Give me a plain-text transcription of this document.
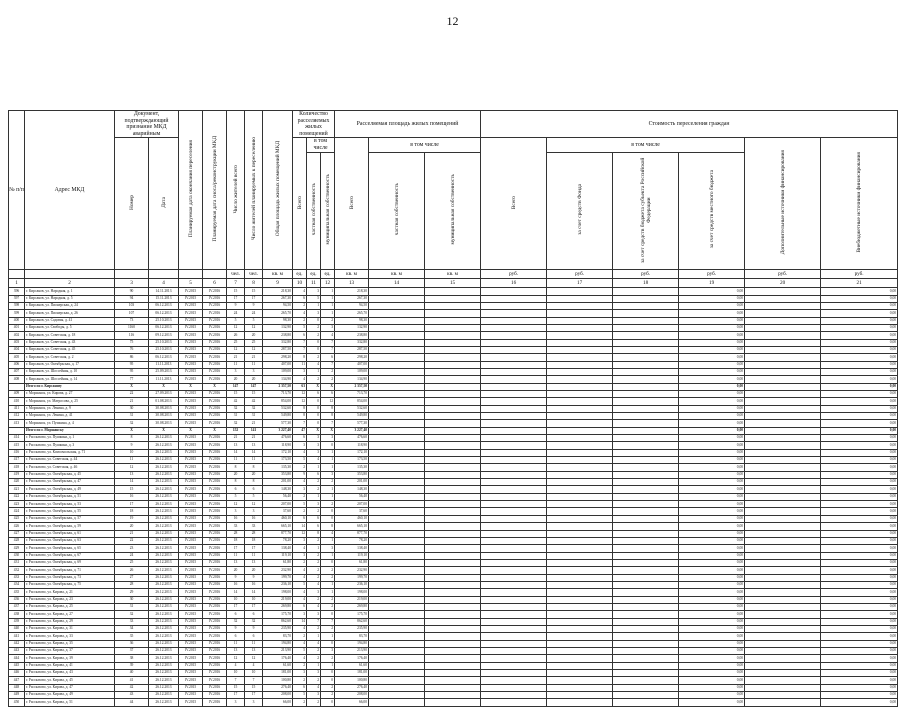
12
№ п/п	Адрес МКД	Документ, подтверждающий признание МКД аварийным		Планируемая дата окончания переселения	Планируемая дата сноса/реконструкции МКД	Число жителей всего	Число жителей планируемых к переселению	Общая площадь жилых помещений МКД	Количество расселяемых жилых помещений			Расселяемая площадь жилых помещений			Стоимость переселения граждан					
		Номер	Дата						Всего	в том числе		Всего	в том числе		Всего	в том числе			Дополнительные источники финансирования	Внебюджетные источники финансирования
										частная собственность	муниципальная собственность		частная собственность	муниципальная собственность		за счет средств Фонда	за счет средств бюджета субъекта Российской Федерации	за счет средств местного бюджета		
						чел.	чел.	кв. м	ед.	ед.	ед.	кв. м	кв. м	кв. м	руб.	руб.	руб.	руб.	руб.	руб.
1	2	3	4	5	6	7	8	9	10	11	12	13	14	15	16	17	18	19	20	21
396	г. Кирсанов, ул. Народная, д. 1	90	14.11.2013	IV.2015	IV.2016	15	15	218,30	4	3	1	218,30						0,00		0,00
397	г. Кирсанов, ул. Народная, д. 5	94	15.11.2013	IV.2015	IV.2016	17	17	267,30	6	5	1	267,30						0,00		0,00
398	г. Кирсанов, ул. Пионерская, д. 24	103	06.12.2013	IV.2015	IV.2016	9	9	94,50	2	1	1	94,50						0,00		0,00
399	г. Кирсанов, ул. Пионерская, д. 26	107	06.12.2013	IV.2015	IV.2016	24	24	265,70	4	3	1	265,70						0,00		0,00
400	г. Кирсанов, ул. Садовая, д. 41	73	25.10.2013	IV.2015	IV.2016	5	5	98,30	2	0	2	98,30						0,00		0,00
401	г. Кирсанов, ул. Свободы, д. 5	1160	06.12.2013	IV.2015	IV.2016	12	12	132,90	5	2	3	132,90						0,00		0,00
402	г. Кирсанов, ул. Советская, д. 18	116	09.12.2013	IV.2015	IV.2016	26	20	238,80	6	2	4	238,80						0,00		0,00
403	г. Кирсанов, ул. Советская, д. 43	75	25.10.2013	IV.2015	IV.2016	25	25	332,80	7	0	7	332,80						0,00		0,00
404	г. Кирсанов, ул. Советская, д. 45	76	25.10.2013	IV.2015	IV.2016	12	12	287,50	7	0	7	287,50						0,00		0,00
405	г. Кирсанов, ул. Советская, д. 2	86	06.12.2013	IV.2015	IV.2016	21	21	298,20	8	2	6	298,20						0,00		0,00
406	г. Кирсанов, ул. Октябрьская, д. 17	95	11.11.2013	IV.2015	IV.2016	11	11	407,00	11	4	7	407,00						0,00		0,00
407	г. Кирсанов, ул. Шоссейная, д. 10	95	25.09.2013	IV.2015	IV.2016	3	3	109,00	3	1	2	109,00						0,00		0,00
408	г. Кирсанов, ул. Шоссейная, д. 14	77	11.11.2013	IV.2015	IV.2016	20	20	134,90	4	2	2	134,90						0,00		0,00
	Итого по г. Кирсанову	X	X	X	X	147	147	2 357,50	63	X	X	2 357,50						0,00		0,00
409	г. Моршанск, ул. Кирова, д. 27	22	27.09.2013	IV.2015	IV.2016	15	15	713,70	12	6	6	713,70						0,00		0,00
410	г. Моршанск, ул. Матросова, д. 25	21	01.08.2013	IV.2015	IV.2016	42	42	854,00	12	0	12	854,00						0,00		0,00
411	г. Моршанск, ул. Ленина, д. 9	30	30.08.2013	IV.2015	IV.2016	32	32	532,60	8	0	8	532,60						0,00		0,00
412	г. Моршанск, ул. Ленина, д. 41	31	30.08.2013	IV.2015	IV.2016	31	31	549,80	8	0	8	549,80						0,00		0,00
413	г. Моршанск, ул. Пушкина, д. 4	32	30.08.2013	IV.2015	IV.2016	32	21	577,30	7	0	7	577,30						0,00		0,00
	Итого по г. Моршанску	X	X	X	X	152	141	3 227,40	47	X	X	3 227,40						0,00		0,00
414	г. Рассказово, ул. Пушкина, д. 1	8	26.12.2013	IV.2015	IV.2016	21	21	476,60	6	3	3	476,60						0,00		0,00
415	г. Рассказово, ул. Пушкина, д. 3	9	26.12.2013	IV.2015	IV.2016	13	13	118,90	3	3	0	118,90						0,00		0,00
416	г. Рассказово, ул. Комсомольская, д. 71	10	26.12.2013	IV.2015	IV.2016	14	14	172,10	4	3	1	172,10						0,00		0,00
417	г. Рассказово, ул. Советская, д. 44	11	26.12.2013	IV.2015	IV.2016	11	11	173,50	5	4	1	173,50						0,00		0,00
418	г. Рассказово, ул. Советская, д. 46	12	26.12.2013	IV.2015	IV.2016	8	8	135,30	2	1	1	135,30						0,00		0,00
419	г. Рассказово, ул. Октябрьская, д. 45	13	26.12.2013	IV.2015	IV.2016	20	20	353,80	9	6	3	353,80						0,00		0,00
420	г. Рассказово, ул. Октябрьская, д. 47	14	26.12.2013	IV.2015	IV.2016	8	8	201,00	4	2	2	201,00						0,00		0,00
421	г. Рассказово, ул. Октябрьская, д. 49	15	26.12.2013	IV.2015	IV.2016	6	6	148,30	3	2	1	148,30						0,00		0,00
422	г. Рассказово, ул. Октябрьская, д. 51	16	26.12.2013	IV.2015	IV.2016	5	5	56,40	2	1	1	56,40						0,00		0,00
423	г. Рассказово, ул. Октябрьская, д. 53	17	26.12.2013	IV.2015	IV.2016	12	12	207,00	5	3	2	207,00						0,00		0,00
424	г. Рассказово, ул. Октябрьская, д. 55	18	26.12.2013	IV.2015	IV.2016	3	3	37,60	2	2	0	37,60						0,00		0,00
425	г. Рассказово, ул. Октябрьская, д. 57	19	26.12.2013	IV.2015	IV.2016	16	16	460,10	6	6	0	460,10						0,00		0,00
426	г. Рассказово, ул. Октябрьская, д. 59	20	26.12.2013	IV.2015	IV.2016	33	33	665,10	14	6	8	665,10						0,00		0,00
427	г. Рассказово, ул. Октябрьская, д. 61	21	26.12.2013	IV.2015	IV.2016	28	28	877,70	12	8	4	877,70						0,00		0,00
428	г. Рассказово, ул. Октябрьская, д. 63	22	26.12.2013	IV.2015	IV.2016	18	18	78,20	3	2	1	78,20						0,00		0,00
429	г. Рассказово, ул. Октябрьская, д. 65	23	26.12.2013	IV.2015	IV.2016	17	17	138,40	4	1	3	138,40						0,00		0,00
430	г. Рассказово, ул. Октябрьская, д. 67	24	26.12.2013	IV.2015	IV.2016	11	11	119,10	3	2	1	119,10						0,00		0,00
431	г. Рассказово, ул. Октябрьская, д. 69	25	26.12.2013	IV.2015	IV.2016	13	13	61,80	2	2	0	61,80						0,00		0,00
432	г. Рассказово, ул. Октябрьская, д. 71	26	26.12.2013	IV.2015	IV.2016	20	20	232,90	4	2	2	232,90						0,00		0,00
433	г. Рассказово, ул. Октябрьская, д. 73	27	26.12.2013	IV.2015	IV.2016	9	9	199,70	4	2	2	199,70						0,00		0,00
434	г. Рассказово, ул. Октябрьская, д. 75	28	26.12.2013	IV.2015	IV.2016	16	16	236,10	5	4	1	236,10						0,00		0,00
435	г. Рассказово, ул. Кирова, д. 21	29	26.12.2013	IV.2015	IV.2016	14	14	198,00	4	3	1	198,00						0,00		0,00
436	г. Рассказово, ул. Кирова, д. 23	30	26.12.2013	IV.2015	IV.2016	10	10	219,00	4	2	2	219,00						0,00		0,00
437	г. Рассказово, ул. Кирова, д. 25	31	26.12.2013	IV.2015	IV.2016	17	17	269,80	6	4	2	269,80						0,00		0,00
438	г. Рассказово, ул. Кирова, д. 27	32	26.12.2013	IV.2015	IV.2016	6	6	175,70	3	3	0	175,70						0,00		0,00
439	г. Рассказово, ул. Кирова, д. 29	33	26.12.2013	IV.2015	IV.2016	32	32	862,60	14	7	7	862,60						0,00		0,00
440	г. Рассказово, ул. Кирова, д. 31	34	26.12.2013	IV.2015	IV.2016	9	9	235,90	4	2	2	235,90						0,00		0,00
441	г. Рассказово, ул. Кирова, д. 33	35	26.12.2013	IV.2015	IV.2016	6	6	83,70	2	1	1	83,70						0,00		0,00
442	г. Рассказово, ул. Кирова, д. 35	36	26.12.2013	IV.2015	IV.2016	11	11	194,80	4	4	0	194,80						0,00		0,00
443	г. Рассказово, ул. Кирова, д. 37	37	26.12.2013	IV.2015	IV.2016	13	13	213,90	5	2	3	213,90						0,00		0,00
444	г. Рассказово, ул. Кирова, д. 39	38	26.12.2013	IV.2015	IV.2016	12	12	176,40	4	2	2	176,40						0,00		0,00
445	г. Рассказово, ул. Кирова, д. 41	39	26.12.2013	IV.2015	IV.2016	4	4	61,60	2	1	1	61,60						0,00		0,00
446	г. Рассказово, ул. Кирова, д. 43	40	26.12.2013	IV.2015	IV.2016	10	10	181,00	3	3	0	181,00						0,00		0,00
447	г. Рассказово, ул. Кирова, д. 45	41	26.12.2013	IV.2015	IV.2016	7	7	100,80	2	2	0	100,80						0,00		0,00
448	г. Рассказово, ул. Кирова, д. 47	42	26.12.2013	IV.2015	IV.2016	15	15	276,40	6	4	2	276,40						0,00		0,00
449	г. Рассказово, ул. Кирова, д. 49	43	26.12.2013	IV.2015	IV.2016	17	17	208,00	5	3	2	208,00						0,00		0,00
450	г. Рассказово, ул. Кирова, д. 51	44	26.12.2013	IV.2015	IV.2016	3	3	66,00	2	2	0	66,00						0,00		0,00
